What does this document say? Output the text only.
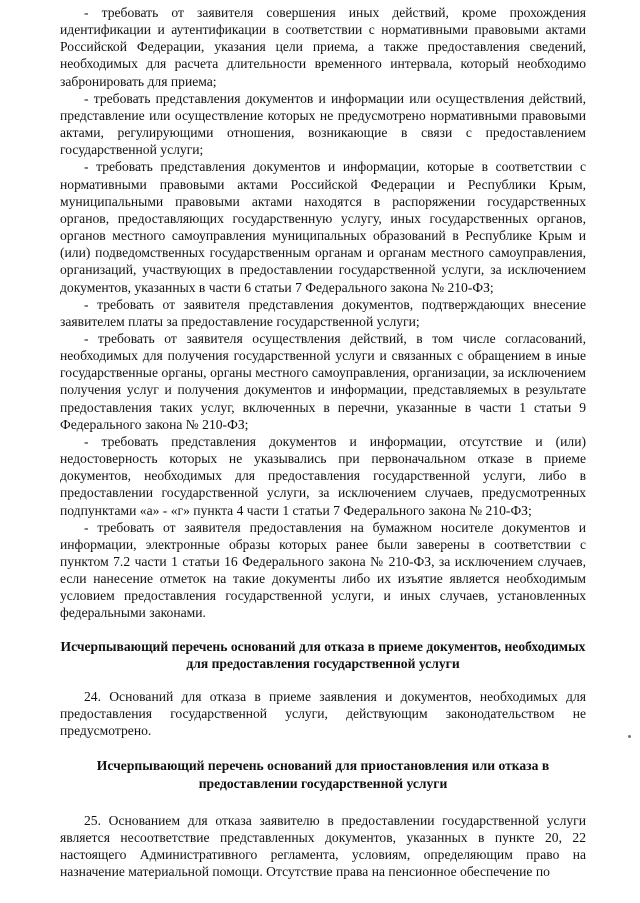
- требовать от заявителя совершения иных действий, кроме прохождения идентификации и аутентификации в соответствии с нормативными правовыми актами Российской Федерации, указания цели приема, а также предоставления сведений, необходимых для расчета длительности временного интервала, который необходимо забронировать для приема;

- требовать представления документов и информации или осуществления действий, представление или осуществление которых не предусмотрено нормативными правовыми актами, регулирующими отношения, возникающие в связи с предоставлением государственной услуги;

- требовать представления документов и информации, которые в соответствии с нормативными правовыми актами Российской Федерации и Республики Крым, муниципальными правовыми актами находятся в распоряжении государственных органов, предоставляющих государственную услугу, иных государственных органов, органов местного самоуправления муниципальных образований в Республике Крым и (или) подведомственных государственным органам и органам местного самоуправления, организаций, участвующих в предоставлении государственной услуги, за исключением документов, указанных в части 6 статьи 7 Федерального закона № 210-ФЗ;

- требовать от заявителя представления документов, подтверждающих внесение заявителем платы за предоставление государственной услуги;

- требовать от заявителя осуществления действий, в том числе согласований, необходимых для получения государственной услуги и связанных с обращением в иные государственные органы, органы местного самоуправления, организации, за исключением получения услуг и получения документов и информации, представляемых в результате предоставления таких услуг, включенных в перечни, указанные в части 1 статьи 9 Федерального закона № 210-ФЗ;

- требовать представления документов и информации, отсутствие и (или) недостоверность которых не указывались при первоначальном отказе в приеме документов, необходимых для предоставления государственной услуги, либо в предоставлении государственной услуги, за исключением случаев, предусмотренных подпунктами «а» - «г» пункта 4 части 1 статьи 7 Федерального закона № 210-ФЗ;

- требовать от заявителя предоставления на бумажном носителе документов и информации, электронные образы которых ранее были заверены в соответствии с пунктом 7.2 части 1 статьи 16 Федерального закона № 210-ФЗ, за исключением случаев, если нанесение отметок на такие документы либо их изъятие является необходимым условием предоставления государственной услуги, и иных случаев, установленных федеральными законами.

Исчерпывающий перечень оснований для отказа в приеме документов, необходимых для предоставления государственной услуги

24. Оснований для отказа в приеме заявления и документов, необходимых для предоставления государственной услуги, действующим законодательством не предусмотрено.

Исчерпывающий перечень оснований для приостановления или отказа в предоставлении государственной услуги

25. Основанием для отказа заявителю в предоставлении государственной услуги является несоответствие представленных документов, указанных в пункте 20, 22 настоящего Административного регламента, условиям, определяющим право на назначение материальной помощи. Отсутствие права на пенсионное обеспечение по
